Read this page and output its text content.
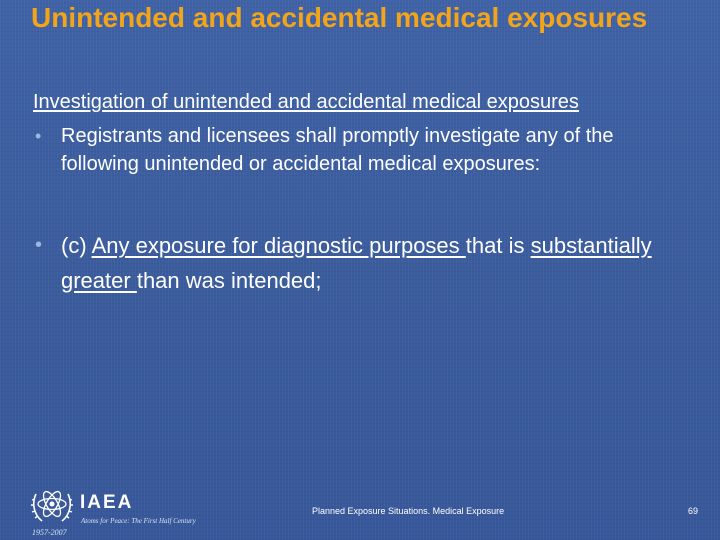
Unintended and accidental medical exposures
Investigation of unintended and accidental medical exposures
• Registrants and licensees shall promptly investigate any of the following unintended or accidental medical exposures:
• (c) Any exposure for diagnostic purposes that is substantially greater than was intended;
IAEA
Atoms for Peace: The First Half Century
1957-2007
Planned Exposure Situations. Medical Exposure	69
